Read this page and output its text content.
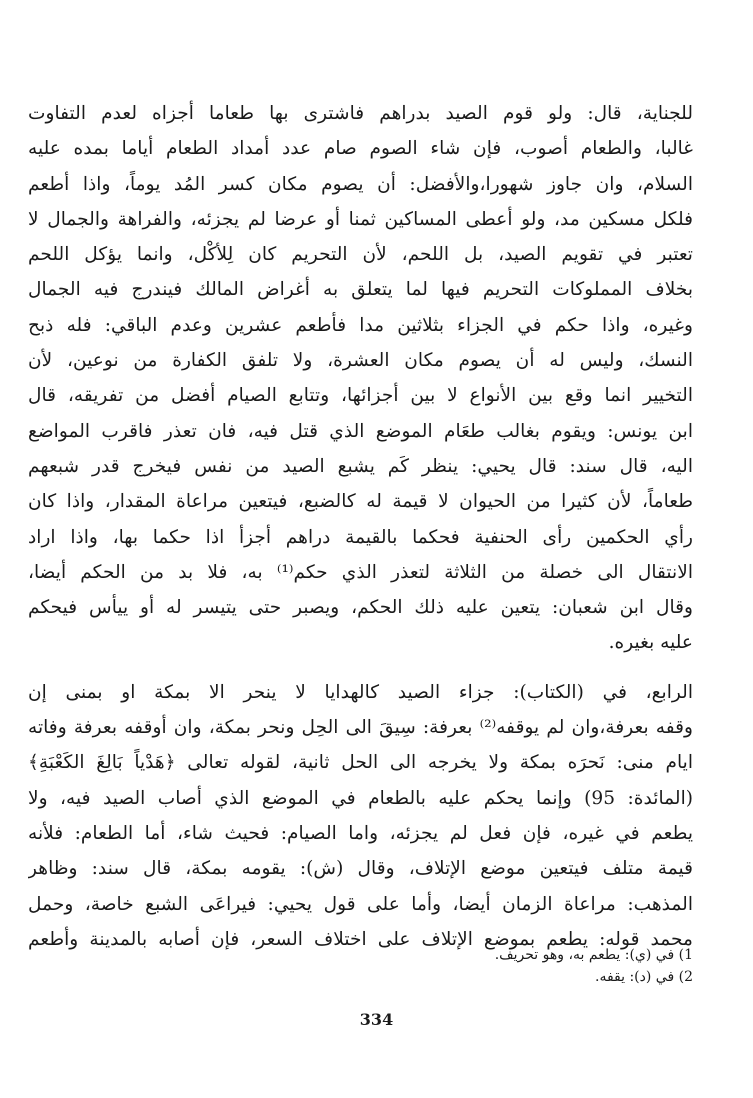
للجناية، قال: ولو قوم الصيد بدراهم فاشترى بها طعاما أجزاه لعدم التفاوت
غالبا، والطعام أصوب، فإن شاء الصوم صام عدد أمداد الطعام أياما بمده عليه
السلام، وان جاوز شهورا،والأفضل: أن يصوم مكان كسر المُد يوماً، واذا أطعم
فلكل مسكين مد، ولو أعطى المساكين ثمنا أو عرضا لم يجزئه، والفراهة والجمال لا
تعتبر في تقويم الصيد، بل اللحم، لأن التحريم كان لِلأكْل، وانما يؤكل اللحم
بخلاف المملوكات التحريم فيها لما يتعلق به أغراض المالك فيندرج فيه الجمال
وغيره، واذا حكم في الجزاء بثلاثين مدا فأطعم عشرين وعدم الباقي: فله ذبح
النسك، وليس له أن يصوم مكان العشرة، ولا تلفق الكفارة من نوعين، لأن
التخيير انما وقع بين الأنواع لا بين أجزائها، وتتابع الصيام أفضل من تفريقه، قال
ابن يونس: ويقوم بغالب طعَام الموضع الذي قتل فيه، فان تعذر فاقرب المواضع
اليه، قال سند: قال يحيي: ينظر كَم يشبع الصيد من نفس فيخرج قدر شبعهم
طعاماً، لأن كثيرا من الحيوان لا قيمة له كالضبع، فيتعين مراعاة المقدار، واذا كان
رأي الحكمين رأى الحنفية فحكما بالقيمة دراهم أجزأ اذا حكما بها، واذا اراد
الانتقال الى خصلة من الثلاثة لتعذر الذي حكم⁽¹⁾ به، فلا بد من الحكم أيضا،
وقال ابن شعبان: يتعين عليه ذلك الحكم، ويصبر حتى يتيسر له أو ييأس فيحكم
عليه بغيره.
الرابع، في (الكتاب): جزاء الصيد كالهدايا لا ينحر الا بمكة او بمنى إن
وقفه بعرفة،وان لم يوقفه⁽²⁾ بعرفة: سِيقَ الى الحِل ونحر بمكة، وان أوقفه بعرفة وفاته
ايام منى: نَحرَه بمكة ولا يخرجه الى الحل ثانية، لقوله تعالى ﴿هَدْياً بَالِغَ الكَعْبَةِ﴾
(المائدة: 95) وإنما يحكم عليه بالطعام في الموضع الذي أصاب الصيد فيه، ولا
يطعم في غيره، فإن فعل لم يجزئه، واما الصيام: فحيث شاء، أما الطعام: فلأنه
قيمة متلف فيتعين موضع الإتلاف، وقال (ش): يقومه بمكة، قال سند: وظاهر
المذهب: مراعاة الزمان أيضا، وأما على قول يحيي: فيراعَى الشبع خاصة، وحمل
محمد قوله: يطعم بموضع الإتلاف على اختلاف السعر، فإن أصابه بالمدينة وأطعم
1) في (ي): يطعم به، وهو تحريف.
2) في (د): يقفه.
334
